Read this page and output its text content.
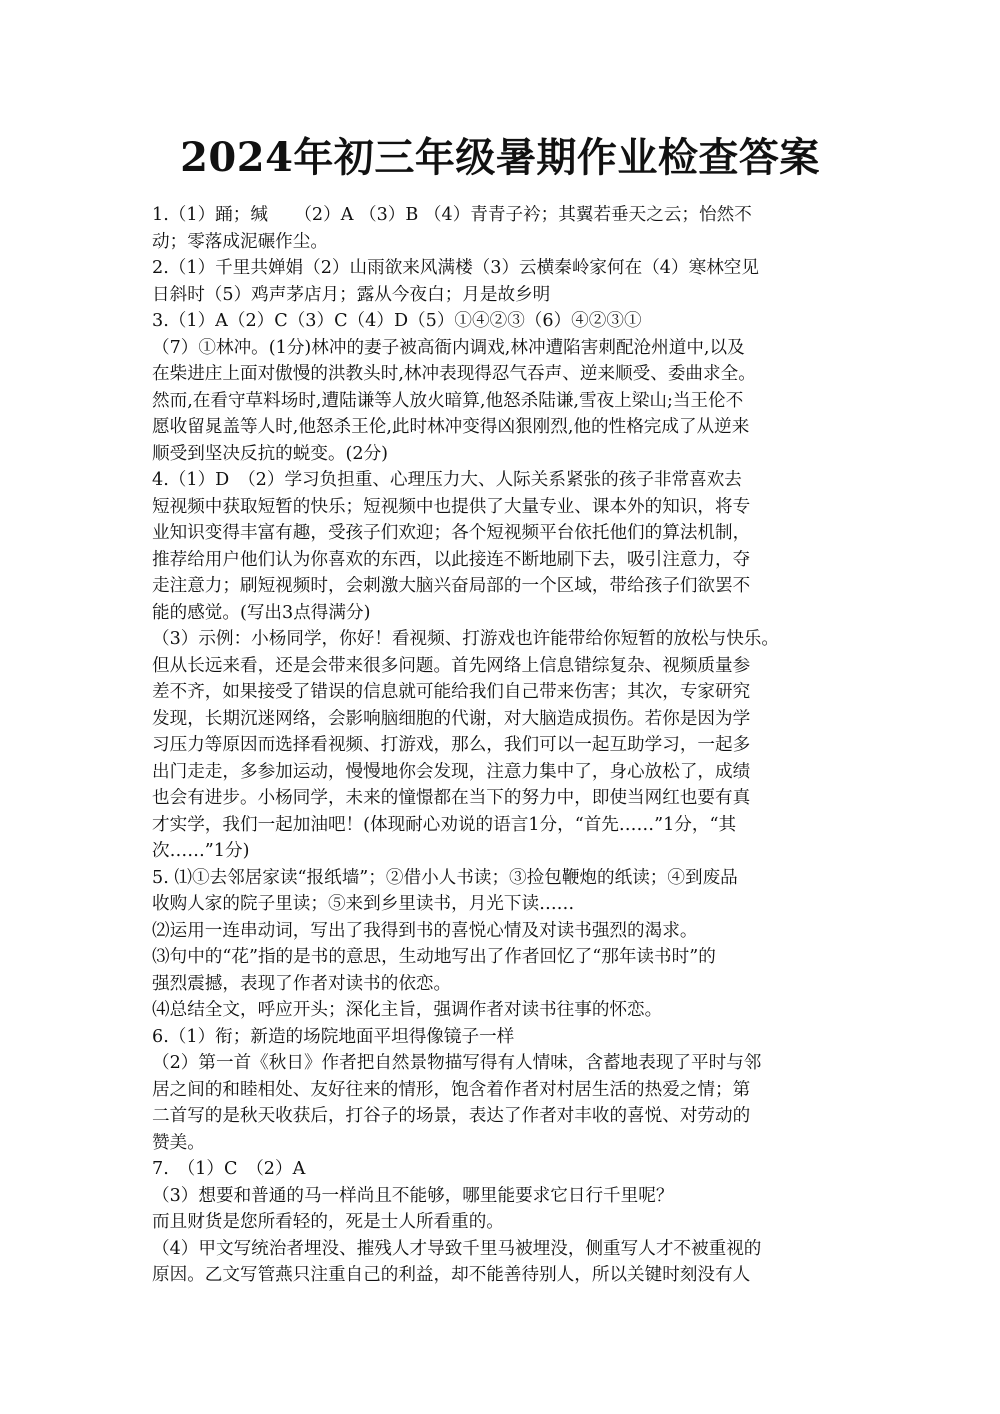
2024年初三年级暑期作业检查答案
1.（1）踊；缄　　（2）A （3）B （4）青青子衿；其翼若垂天之云；怡然不
动；零落成泥碾作尘。
2.（1）千里共婵娟（2）山雨欲来风满楼（3）云横秦岭家何在（4）寒林空见
日斜时（5）鸡声茅店月；露从今夜白；月是故乡明
3.（1）A（2）C（3）C（4）D（5）①④②③（6）④②③①
（7）①林冲。(1分)林冲的妻子被高衙内调戏,林冲遭陷害刺配沧州道中,以及
在柴进庄上面对傲慢的洪教头时,林冲表现得忍气吞声、逆来顺受、委曲求全。
然而,在看守草料场时,遭陆谦等人放火暗算,他怒杀陆谦,雪夜上梁山;当王伦不
愿收留晁盖等人时,他怒杀王伦,此时林冲变得凶狠刚烈,他的性格完成了从逆来
顺受到坚决反抗的蜕变。(2分)
4.（1）D　（2）学习负担重、心理压力大、人际关系紧张的孩子非常喜欢去
短视频中获取短暂的快乐；短视频中也提供了大量专业、课本外的知识，将专
业知识变得丰富有趣，受孩子们欢迎；各个短视频平台依托他们的算法机制，
推荐给用户他们认为你喜欢的东西，以此接连不断地刷下去，吸引注意力，夺
走注意力；刷短视频时，会刺激大脑兴奋局部的一个区域，带给孩子们欲罢不
能的感觉。(写出3点得满分)
（3）示例：小杨同学，你好！看视频、打游戏也许能带给你短暂的放松与快乐。
但从长远来看，还是会带来很多问题。首先网络上信息错综复杂、视频质量参
差不齐，如果接受了错误的信息就可能给我们自己带来伤害；其次，专家研究
发现，长期沉迷网络，会影响脑细胞的代谢，对大脑造成损伤。若你是因为学
习压力等原因而选择看视频、打游戏，那么，我们可以一起互助学习，一起多
出门走走，多参加运动，慢慢地你会发现，注意力集中了，身心放松了，成绩
也会有进步。小杨同学，未来的憧憬都在当下的努力中，即使当网红也要有真
才实学，我们一起加油吧！(体现耐心劝说的语言1分，“首先……”1分，“其
次……”1分)
5. ⑴①去邻居家读“报纸墙”；②借小人书读；③捡包鞭炮的纸读；④到废品
收购人家的院子里读；⑤来到乡里读书，月光下读……
⑵运用一连串动词，写出了我得到书的喜悦心情及对读书强烈的渴求。
⑶句中的“花”指的是书的意思，生动地写出了作者回忆了“那年读书时”的
强烈震撼，表现了作者对读书的依恋。
⑷总结全文，呼应开头；深化主旨，强调作者对读书往事的怀恋。
6.（1）衔；新造的场院地面平坦得像镜子一样
（2）第一首《秋日》作者把自然景物描写得有人情味，含蓄地表现了平时与邻
居之间的和睦相处、友好往来的情形，饱含着作者对村居生活的热爱之情；第
二首写的是秋天收获后，打谷子的场景，表达了作者对丰收的喜悦、对劳动的
赞美。
7.　（1）C　（2）A
（3）想要和普通的马一样尚且不能够，哪里能要求它日行千里呢？
而且财货是您所看轻的，死是士人所看重的。
（4）甲文写统治者埋没、摧残人才导致千里马被埋没，侧重写人才不被重视的
原因。乙文写管燕只注重自己的利益，却不能善待别人，所以关键时刻没有人
